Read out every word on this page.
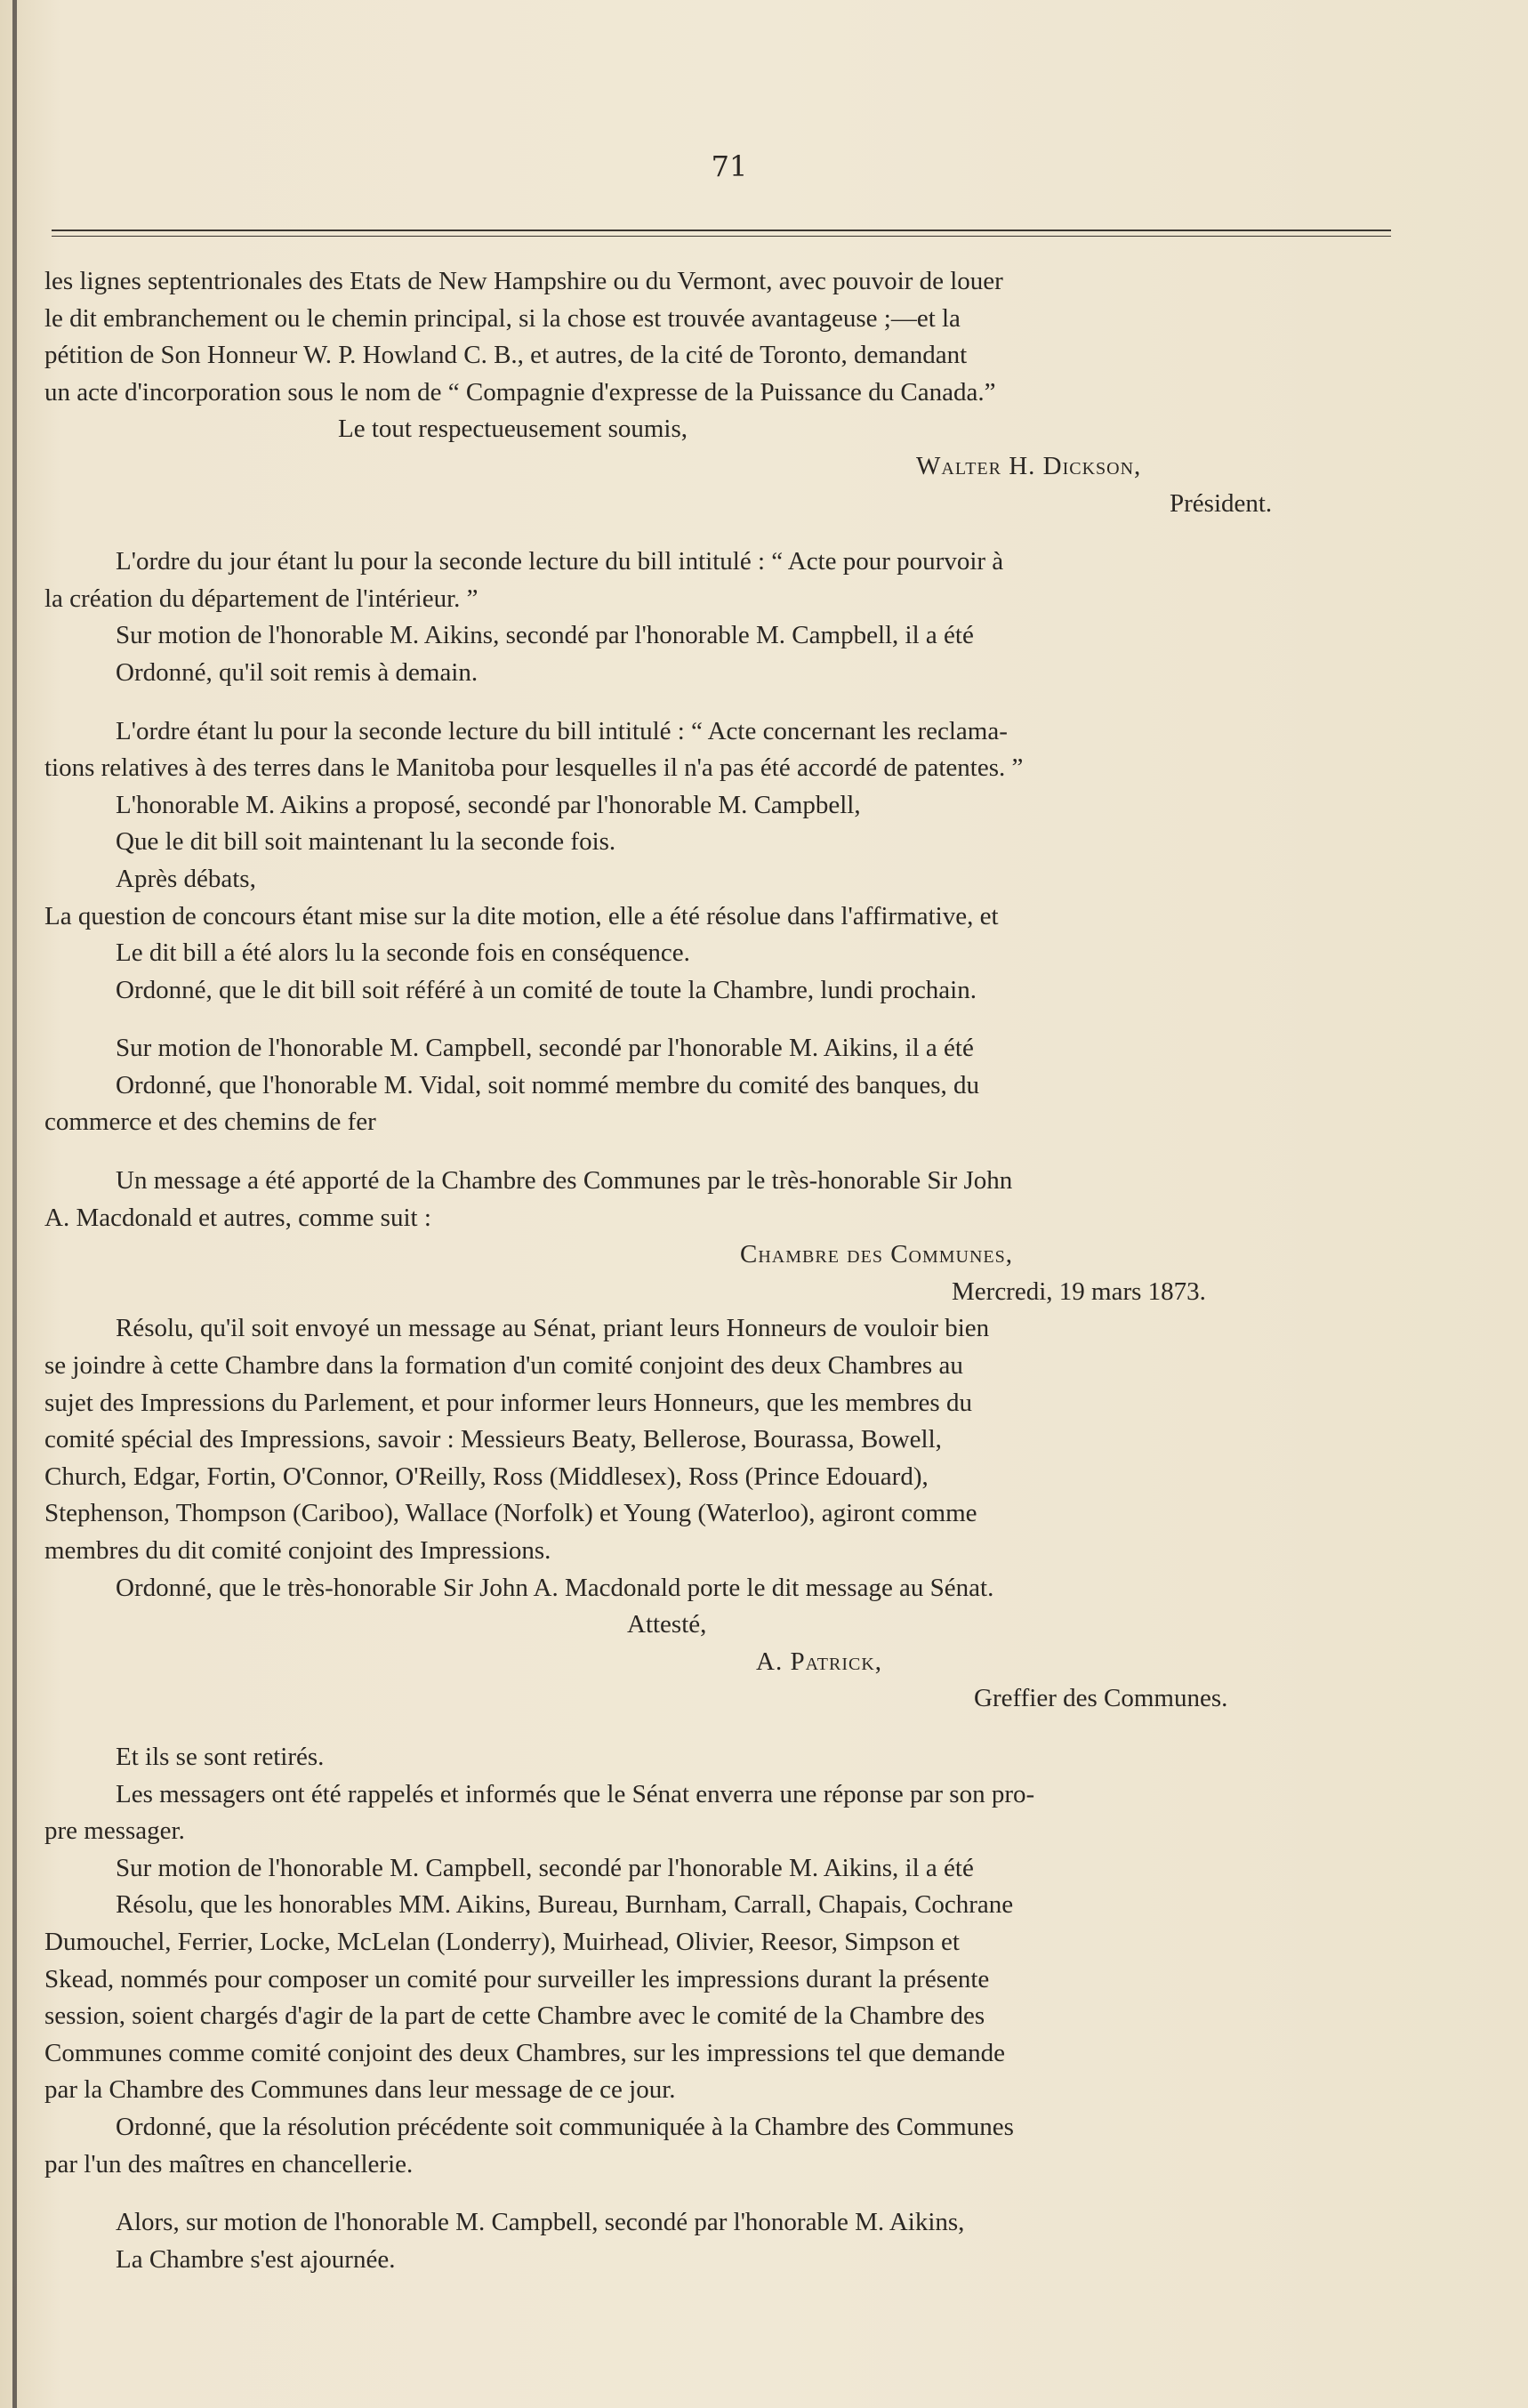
71
les lignes septentrionales des Etats de New Hampshire ou du Vermont, avec pouvoir de louer
le dit embranchement ou le chemin principal, si la chose est trouvée avantageuse ;—et la
pétition de Son Honneur W. P. Howland C. B., et autres, de la cité de Toronto, demandant
un acte d'incorporation sous le nom de “ Compagnie d'expresse de la Puissance du Canada.”
Le tout respectueusement soumis,
Walter H. Dickson,
Président.
L'ordre du jour étant lu pour la seconde lecture du bill intitulé : “ Acte pour pourvoir à
la création du département de l'intérieur. ”
Sur motion de l'honorable M. Aikins, secondé par l'honorable M. Campbell, il a été
Ordonné, qu'il soit remis à demain.
L'ordre étant lu pour la seconde lecture du bill intitulé : “ Acte concernant les reclama-
tions relatives à des terres dans le Manitoba pour lesquelles il n'a pas été accordé de patentes. ”
L'honorable M. Aikins a proposé, secondé par l'honorable M. Campbell,
Que le dit bill soit maintenant lu la seconde fois.
Après débats,
La question de concours étant mise sur la dite motion, elle a été résolue dans l'affirmative, et
Le dit bill a été alors lu la seconde fois en conséquence.
Ordonné, que le dit bill soit référé à un comité de toute la Chambre, lundi prochain.
Sur motion de l'honorable M. Campbell, secondé par l'honorable M. Aikins, il a été
Ordonné, que l'honorable M. Vidal, soit nommé membre du comité des banques, du
commerce et des chemins de fer
Un message a été apporté de la Chambre des Communes par le très-honorable Sir John
A. Macdonald et autres, comme suit :
Chambre des Communes,
Mercredi, 19 mars 1873.
Résolu, qu'il soit envoyé un message au Sénat, priant leurs Honneurs de vouloir bien
se joindre à cette Chambre dans la formation d'un comité conjoint des deux Chambres au
sujet des Impressions du Parlement, et pour informer leurs Honneurs, que les membres du
comité spécial des Impressions, savoir : Messieurs Beaty, Bellerose, Bourassa, Bowell,
Church, Edgar, Fortin, O'Connor, O'Reilly, Ross (Middlesex), Ross (Prince Edouard),
Stephenson, Thompson (Cariboo), Wallace (Norfolk) et Young (Waterloo), agiront comme
membres du dit comité conjoint des Impressions.
Ordonné, que le très-honorable Sir John A. Macdonald porte le dit message au Sénat.
Attesté,
A. Patrick,
Greffier des Communes.
Et ils se sont retirés.
Les messagers ont été rappelés et informés que le Sénat enverra une réponse par son pro-
pre messager.
Sur motion de l'honorable M. Campbell, secondé par l'honorable M. Aikins, il a été
Résolu, que les honorables MM. Aikins, Bureau, Burnham, Carrall, Chapais, Cochrane
Dumouchel, Ferrier, Locke, McLelan (Londerry), Muirhead, Olivier, Reesor, Simpson et
Skead, nommés pour composer un comité pour surveiller les impressions durant la présente
session, soient chargés d'agir de la part de cette Chambre avec le comité de la Chambre des
Communes comme comité conjoint des deux Chambres, sur les impressions tel que demande
par la Chambre des Communes dans leur message de ce jour.
Ordonné, que la résolution précédente soit communiquée à la Chambre des Communes
par l'un des maîtres en chancellerie.
Alors, sur motion de l'honorable M. Campbell, secondé par l'honorable M. Aikins,
La Chambre s'est ajournée.
